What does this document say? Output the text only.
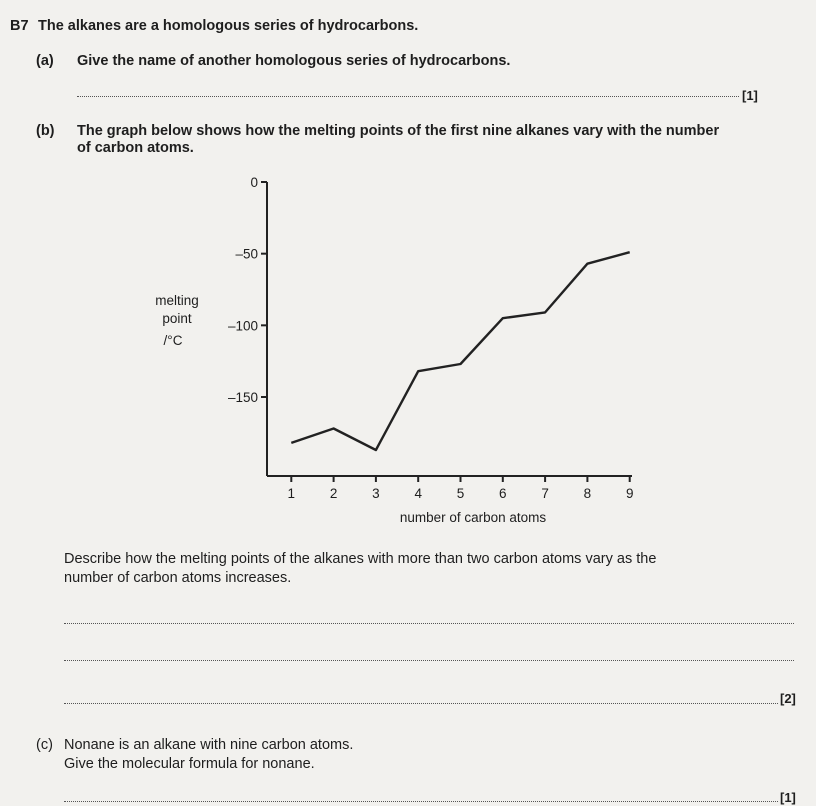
B7 The alkanes are a homologous series of hydrocarbons.
(a) Give the name of another homologous series of hydrocarbons.
[1]
(b) The graph below shows how the melting points of the first nine alkanes vary with the number
of carbon atoms.
0
–50
–100
–150
1	2	3	4	5	6	7	8	9
melting
point
/°C
number of carbon atoms
Describe how the melting points of the alkanes with more than two carbon atoms vary as the
number of carbon atoms increases.
[2]
(c) Nonane is an alkane with nine carbon atoms.
Give the molecular formula for nonane.
[1]
